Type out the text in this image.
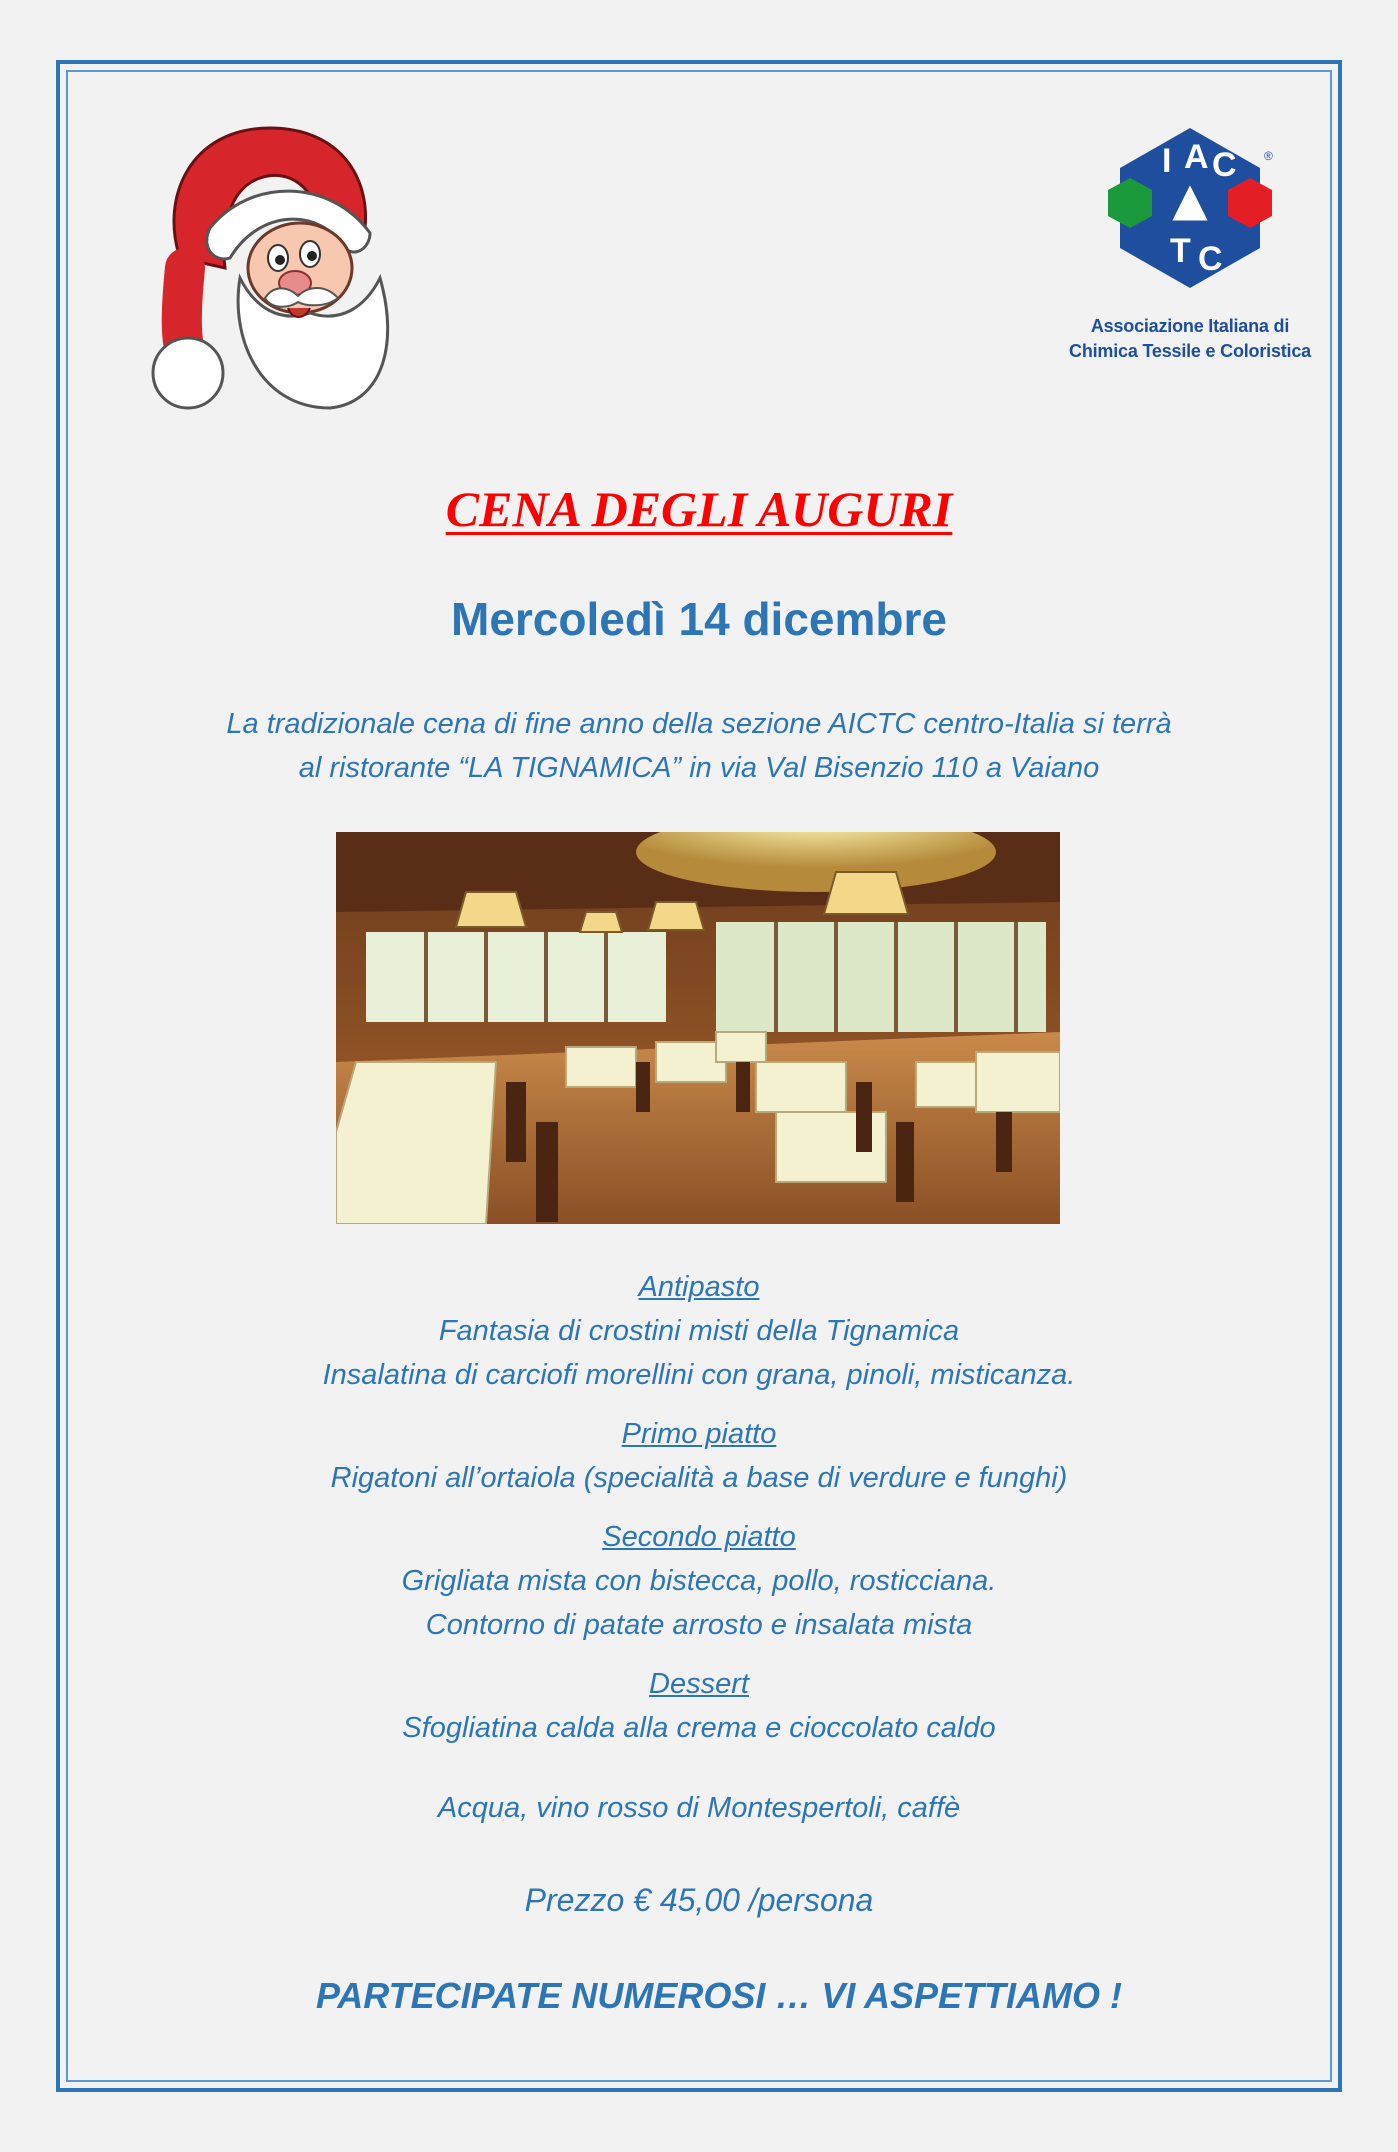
I A C
T C
®
Associazione Italiana di
Chimica Tessile e Coloristica
CENA DEGLI AUGURI
Mercoledì 14 dicembre
La tradizionale cena di fine anno della sezione AICTC centro-Italia si terrà
al ristorante “LA TIGNAMICA” in via Val Bisenzio 110 a Vaiano
Antipasto
Fantasia di crostini misti della Tignamica
Insalatina di carciofi morellini con grana, pinoli, misticanza.
Primo piatto
Rigatoni all’ortaiola (specialità a base di verdure e funghi)
Secondo piatto
Grigliata mista con bistecca, pollo, rosticciana.
Contorno di patate arrosto e insalata mista
Dessert
Sfogliatina calda alla crema e cioccolato caldo
Acqua, vino rosso di Montespertoli, caffè
Prezzo € 45,00 /persona
PARTECIPATE NUMEROSI … VI ASPETTIAMO !
